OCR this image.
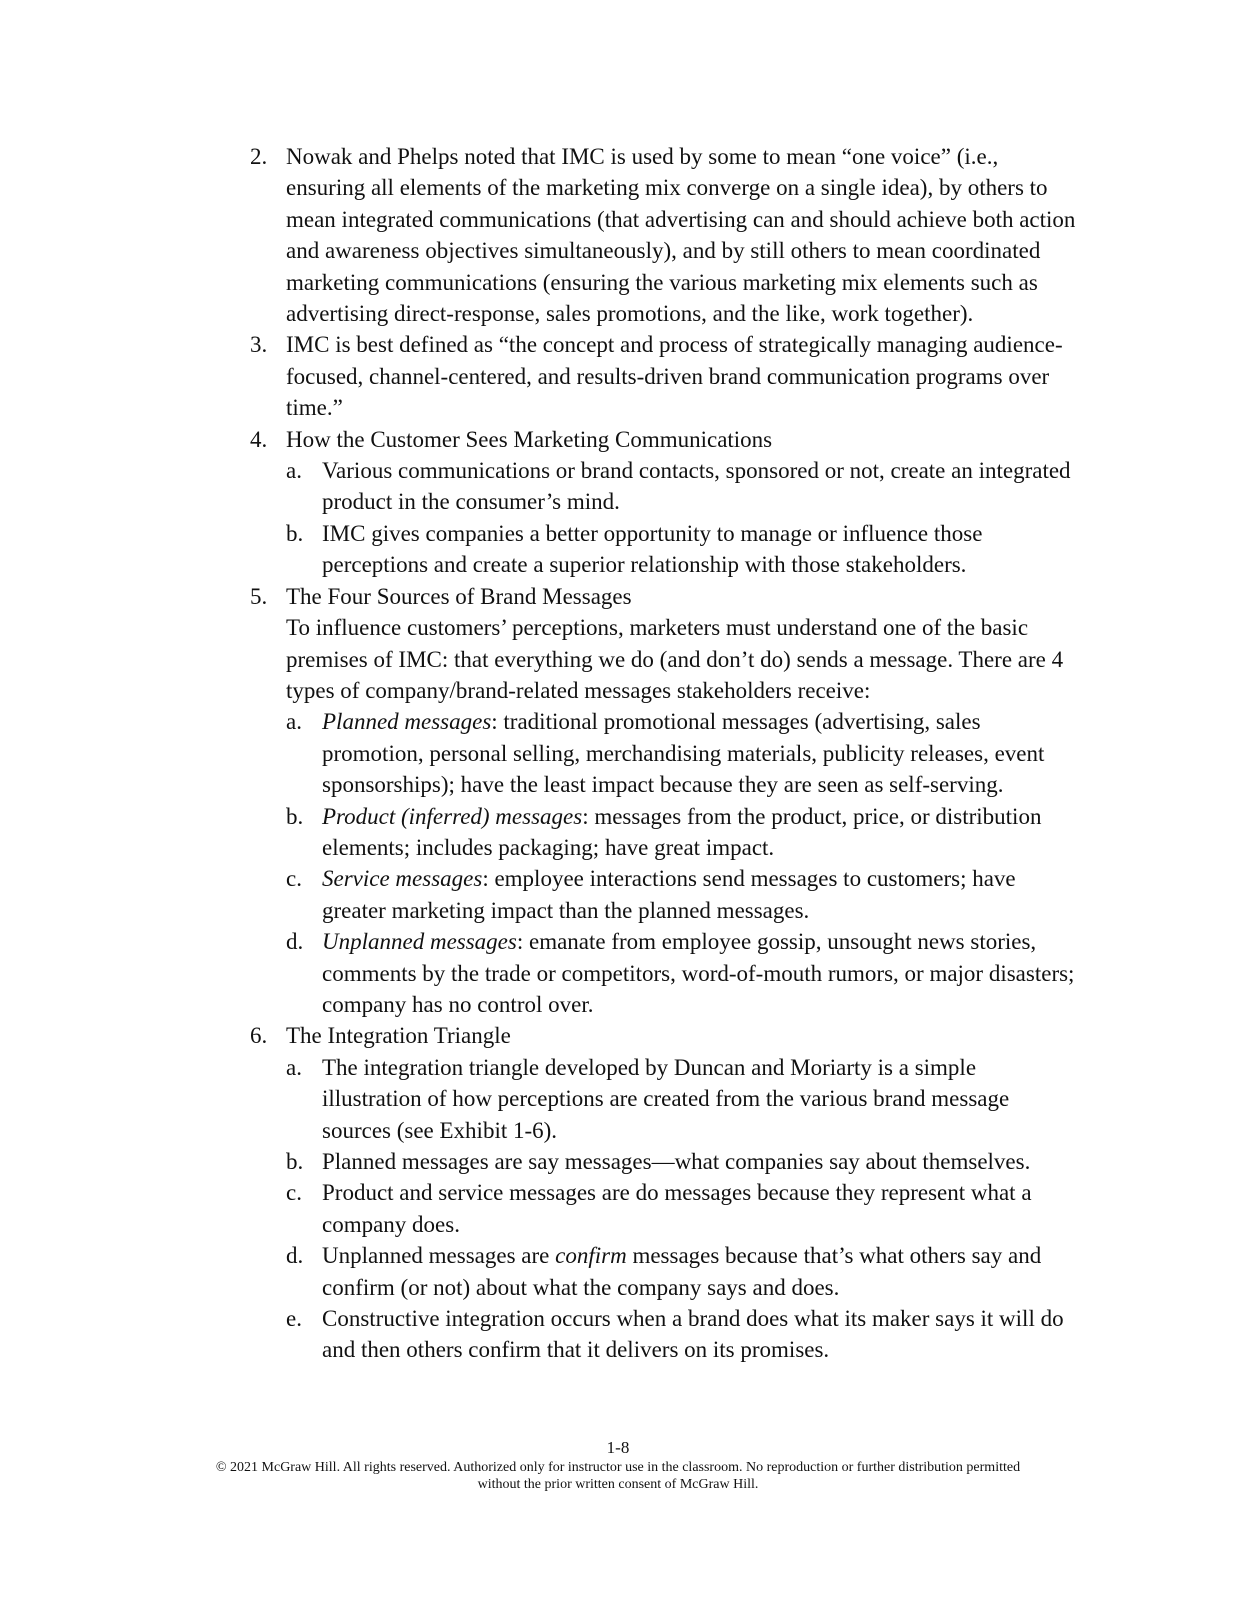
2. Nowak and Phelps noted that IMC is used by some to mean “one voice” (i.e., ensuring all elements of the marketing mix converge on a single idea), by others to mean integrated communications (that advertising can and should achieve both action and awareness objectives simultaneously), and by still others to mean coordinated marketing communications (ensuring the various marketing mix elements such as advertising direct-response, sales promotions, and the like, work together).
3. IMC is best defined as “the concept and process of strategically managing audience- focused, channel-centered, and results-driven brand communication programs over time.”
4. How the Customer Sees Marketing Communications
a. Various communications or brand contacts, sponsored or not, create an integrated product in the consumer’s mind.
b. IMC gives companies a better opportunity to manage or influence those perceptions and create a superior relationship with those stakeholders.
5. The Four Sources of Brand Messages
To influence customers’ perceptions, marketers must understand one of the basic premises of IMC: that everything we do (and don’t do) sends a message. There are 4 types of company/brand-related messages stakeholders receive:
a. Planned messages: traditional promotional messages (advertising, sales promotion, personal selling, merchandising materials, publicity releases, event sponsorships); have the least impact because they are seen as self-serving.
b. Product (inferred) messages: messages from the product, price, or distribution elements; includes packaging; have great impact.
c. Service messages: employee interactions send messages to customers; have greater marketing impact than the planned messages.
d. Unplanned messages: emanate from employee gossip, unsought news stories, comments by the trade or competitors, word-of-mouth rumors, or major disasters; company has no control over.
6. The Integration Triangle
a. The integration triangle developed by Duncan and Moriarty is a simple illustration of how perceptions are created from the various brand message sources (see Exhibit 1-6).
b. Planned messages are say messages—what companies say about themselves.
c. Product and service messages are do messages because they represent what a company does.
d. Unplanned messages are confirm messages because that’s what others say and confirm (or not) about what the company says and does.
e. Constructive integration occurs when a brand does what its maker says it will do and then others confirm that it delivers on its promises.
1-8
© 2021 McGraw Hill. All rights reserved. Authorized only for instructor use in the classroom. No reproduction or further distribution permitted
without the prior written consent of McGraw Hill.
